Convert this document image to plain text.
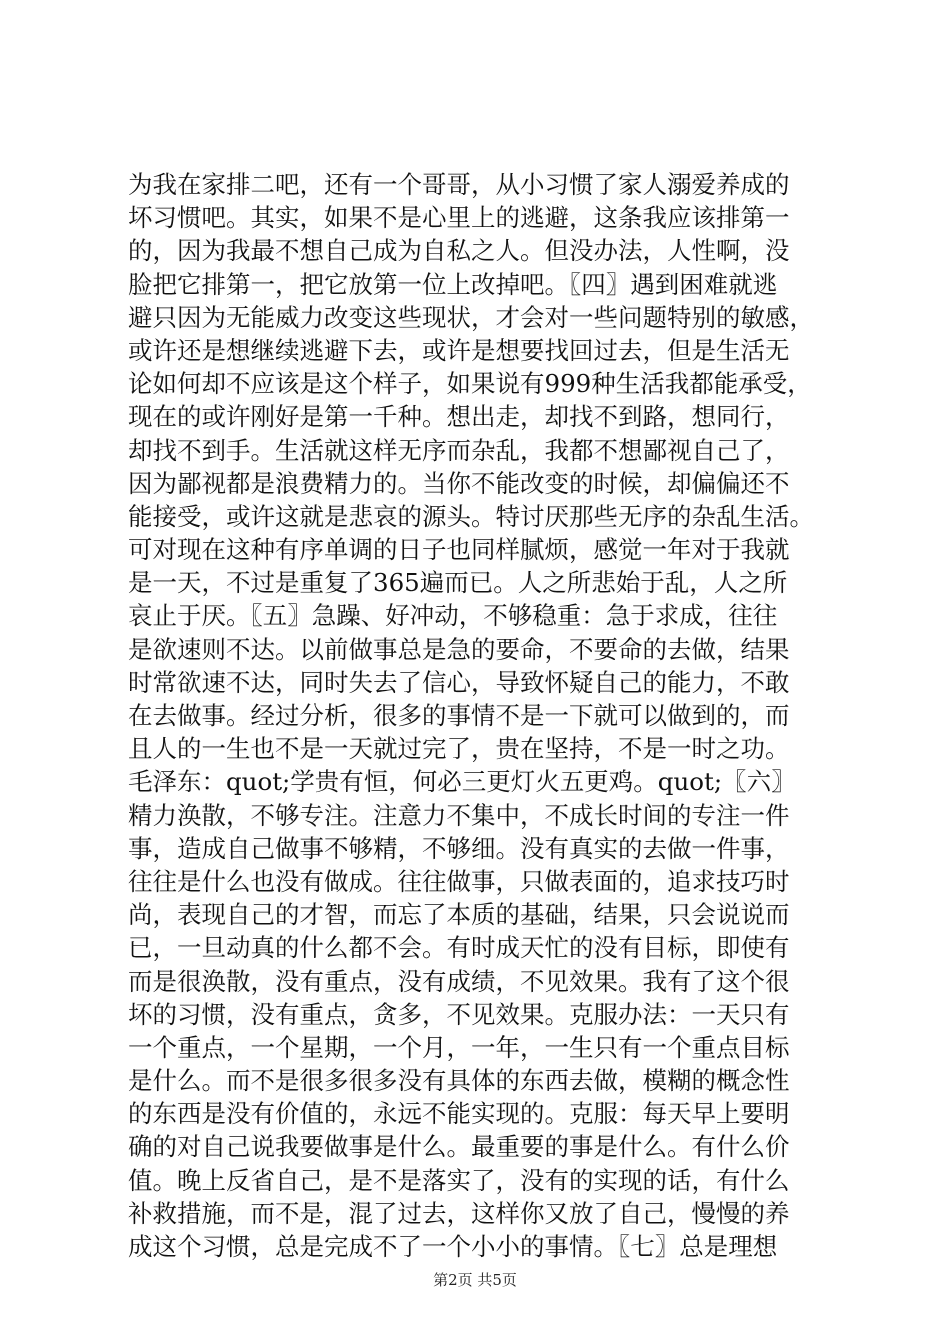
为我在家排二吧，还有一个哥哥，从小习惯了家人溺爱养成的
坏习惯吧。其实，如果不是心里上的逃避，这条我应该排第一
的，因为我最不想自己成为自私之人。但没办法，人性啊，没
脸把它排第一，把它放第一位上改掉吧。〖四〗遇到困难就逃
避只因为无能威力改变这些现状，才会对一些问题特别的敏感，
或许还是想继续逃避下去，或许是想要找回过去，但是生活无
论如何却不应该是这个样子，如果说有999种生活我都能承受，
现在的或许刚好是第一千种。想出走，却找不到路，想同行，
却找不到手。生活就这样无序而杂乱，我都不想鄙视自己了，
因为鄙视都是浪费精力的。当你不能改变的时候，却偏偏还不
能接受，或许这就是悲哀的源头。特讨厌那些无序的杂乱生活。
可对现在这种有序单调的日子也同样腻烦，感觉一年对于我就
是一天，不过是重复了365遍而已。人之所悲始于乱，人之所
哀止于厌。〖五〗急躁、好冲动，不够稳重：急于求成，往往
是欲速则不达。以前做事总是急的要命，不要命的去做，结果
时常欲速不达，同时失去了信心，导致怀疑自己的能力，不敢
在去做事。经过分析，很多的事情不是一下就可以做到的，而
且人的一生也不是一天就过完了，贵在坚持，不是一时之功。
毛泽东：quot;学贵有恒，何必三更灯火五更鸡。quot;〖六〗
精力涣散，不够专注。注意力不集中，不成长时间的专注一件
事，造成自己做事不够精，不够细。没有真实的去做一件事，
往往是什么也没有做成。往往做事，只做表面的，追求技巧时
尚，表现自己的才智，而忘了本质的基础，结果，只会说说而
已，一旦动真的什么都不会。有时成天忙的没有目标，即使有
而是很涣散，没有重点，没有成绩，不见效果。我有了这个很
坏的习惯，没有重点，贪多，不见效果。克服办法：一天只有
一个重点，一个星期，一个月，一年，一生只有一个重点目标
是什么。而不是很多很多没有具体的东西去做，模糊的概念性
的东西是没有价值的，永远不能实现的。克服：每天早上要明
确的对自己说我要做事是什么。最重要的事是什么。有什么价
值。晚上反省自己，是不是落实了，没有的实现的话，有什么
补救措施，而不是，混了过去，这样你又放了自己，慢慢的养
成这个习惯，总是完成不了一个小小的事情。〖七〗总是理想
第2页 共5页
